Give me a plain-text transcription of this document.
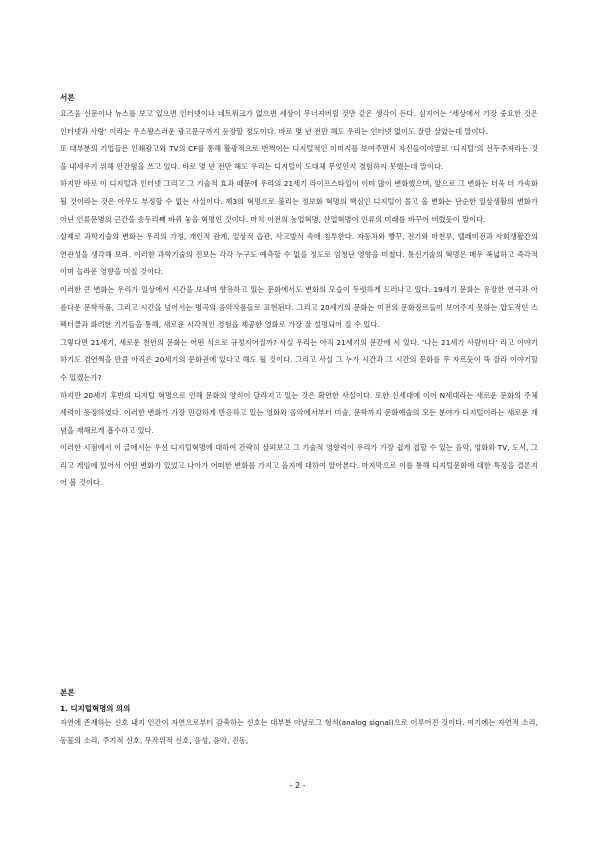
서론

요즈음 신문이나 뉴스를 보고 있으면 인터넷이나 네트워크가 없으면 세상이 무너져버릴 것만 같은 생각이 든다. 심지어는 ‘세상에서 가장 중요한 것은 인터넷과 사랑’ 이라는 우스꽝스러운 광고문구까지 등장할 정도이다. 바로 몇 년 전만 해도 우리는 인터넷 없이도 잘만 살았는데 말이다.

또 대부분의 기업들은 인쇄광고와 TV의 CF를 통해 활광적으로 번쩍이는 디지털적인 이미지를 보여주면서 자신들이야말로 ‘디지털’의 선두주자라는 것을 내세우기 위해 안간힘을 쓰고 있다. 바로 몇 년 전만 해도 우리는 디지털이 도대체 무엇인지 경험하지 못했는데 말이다.

하지만 바로 이 디지털과 인터넷 그리고 그 기술적 효과 때문에 우리의 21세기 라이프스타일이 이미 많이 변화했으며, 앞으로 그 변화는 더욱 더 가속화될 것이라는 것은 아무도 부정할 수 없는 사실이다. 제3의 혁명으로 불리는 정보화 혁명의 핵심인 디지털이 몰고 올 변화는 단순한 일상생활의 변화가 아닌 인류문명의 근간을 송두리째 바꿔 놓을 혁명인 것이다. 마치 이전의 농업혁명, 산업혁명이 인류의 미래를 바꾸어 버렸듯이 말이다.

실제로 과학기술의 변화는 우리의 가정, 개인적 관계, 일상적 습관, 사고방식 속에 침투한다. 자동차와 빵꾸, 전기와 마천루, 텔레비전과 사회생활간의 연관성을 생각해 보라. 이러한 과학기술의 진보는 각각 누구도 예측할 수 없을 정도로 엄청난 영향을 미쳤다. 통신기술의 혁명은 매우 폭넓하고 즉각적이며 놀라운 영향을 미칠 것이다.

이러한 큰 변화는 우리가 일상에서 시간을 보내며 향유하고 있는 문화에서도 변화의 모습이 두렷하게 드러나고 있다. 19세기 문화는 유장한 연극과 아름다운 문학작품, 그리고 시간을 넘어서는 명곡의 음악작품들로 표현된다. 그리고 20세기의 문화는 이전의 문화장르들이 보여주지 못하는 압도적인 스펙터클과 화려한 기기들을 통해, 새로운 시각적인 경험을 제공한 영화로 가장 잘 설명되어 질 수 있다.

그렇다면 21세기, 새로운 천년의 문화는 어떤 식으로 규정지어질까? 사실 우리는 아직 21세기의 문간에 서 있다. ‘나는 21세기 사람이다’ 라고 이야기하기도 겸연쩍을 만큼 아직은 20세기의 문화권에 있다고 해도 될 것이다. 그리고 사실 그 누가 시간과 그 시간의 문화를 무 자르듯이 뚝 잘라 이야기할 수 있겠는가?

하지만 20세기 후반의 디지털 혁명으로 인해 문화의 양식이 달라지고 있는 것은 확연한 사실이다. 또한 신세대에 이어 N세대라는 새로운 문화의 주체 세력이 등장하였다. 이러한 변화가 가장 민감하게 반응하고 있는 영화와 음악에서부터 미술, 문학까지 문화예술의 모든 분야가 디지털이라는 새로운 개념을 재해르게 흡수하고 있다.

이러한 시점에서 이 글에서는 우선 디지털혁명에 대하여 간략히 살펴보고 그 기술적 영향력이 우리가 가장 쉽게 접할 수 있는 음악, 영화와 TV, 도서, 그리고 게임에 있어서 어떤 변화가 있었고 나아가 어떠한 변화를 가지고 올지에 대하여 알아본다. 마지막으로 이를 통해 디지털문화에 대한 특징을 결론지어 볼 것이다.

본론
1. 디지털혁명의 의의

자연에 존재하는 신호 내지 인간이 자연으로부터 감축하는 신호는 대부분 아날로그 형식(analog signal)으로 이루어진 것이다. 여기에는 자연적 소리, 동물의 소리, 주기적 신호, 무작위적 신호, 음성, 음악, 진동,

- 2 -
